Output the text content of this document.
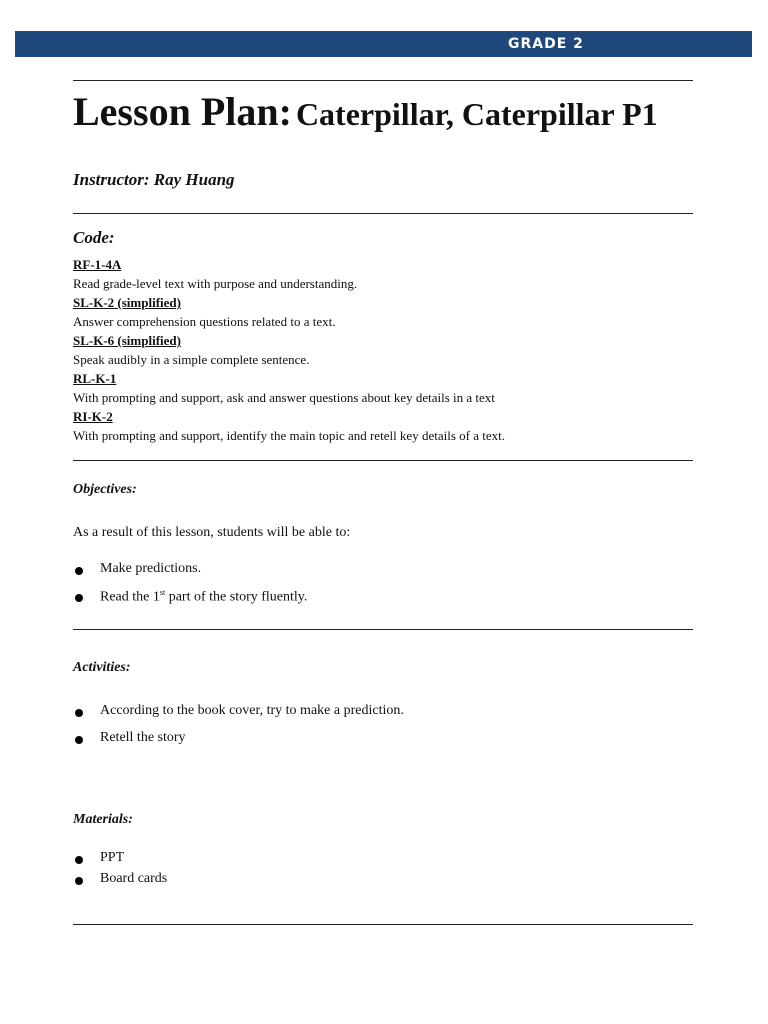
GRADE 2
Lesson Plan: Caterpillar, Caterpillar P1
Instructor: Ray Huang
Code:
RF-1-4A
Read grade-level text with purpose and understanding.
SL-K-2 (simplified)
Answer comprehension questions related to a text.
SL-K-6 (simplified)
Speak audibly in a simple complete sentence.
RL-K-1
With prompting and support, ask and answer questions about key details in a text
RI-K-2
With prompting and support, identify the main topic and retell key details of a text.
Objectives:
As a result of this lesson, students will be able to:
Make predictions.
Read the 1st part of the story fluently.
Activities:
According to the book cover, try to make a prediction.
Retell the story
Materials:
PPT
Board cards
